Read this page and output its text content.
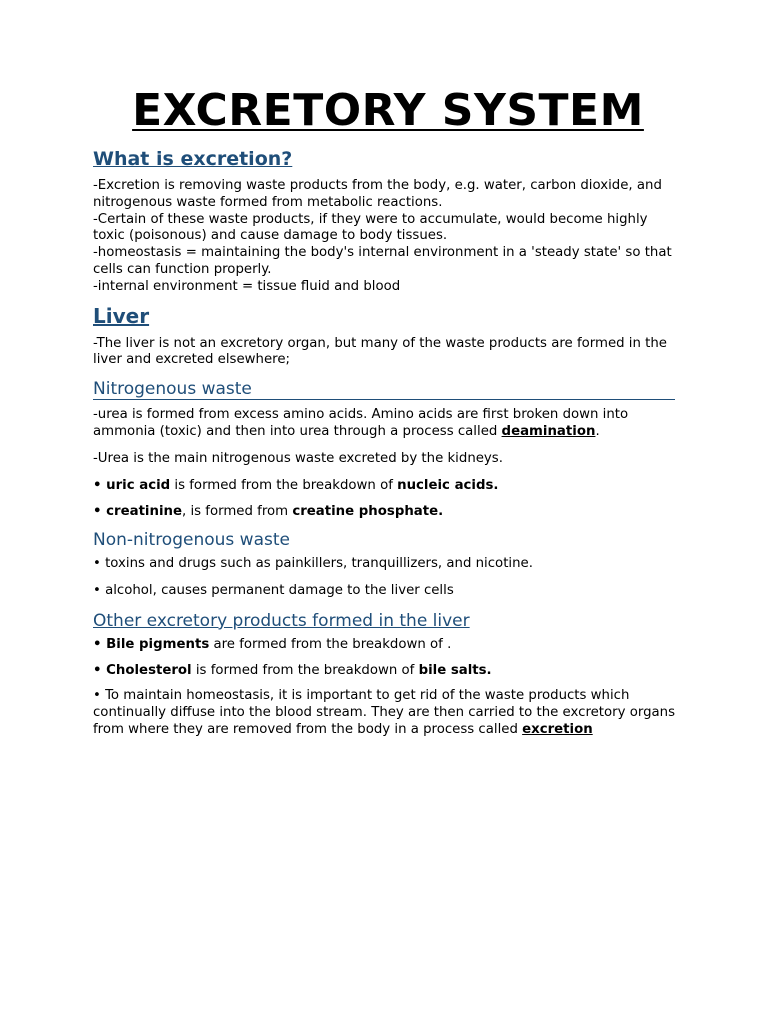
EXCRETORY SYSTEM
What is excretion?

-Excretion is removing waste products from the body, e.g. water, carbon dioxide, and nitrogenous waste formed from metabolic reactions.

-Certain of these waste products, if they were to accumulate, would become highly toxic (poisonous) and cause damage to body tissues.

-homeostasis = maintaining the body's internal environment in a 'steady state' so that cells can function properly.

-internal environment = tissue fluid and blood

Liver

-The liver is not an excretory organ, but many of the waste products are formed in the liver and excreted elsewhere;

Nitrogenous waste

-urea is formed from excess amino acids. Amino acids are first broken down into ammonia (toxic) and then into urea through a process called deamination.

-Urea is the main nitrogenous waste excreted by the kidneys.

• uric acid is formed from the breakdown of nucleic acids.

• creatinine, is formed from creatine phosphate.

Non-nitrogenous waste

• toxins and drugs such as painkillers, tranquillizers, and nicotine.

• alcohol, causes permanent damage to the liver cells

Other excretory products formed in the liver

• Bile pigments are formed from the breakdown of .

• Cholesterol is formed from the breakdown of bile salts.

• To maintain homeostasis, it is important to get rid of the waste products which continually diffuse into the blood stream. They are then carried to the excretory organs from where they are removed from the body in a process called excretion
